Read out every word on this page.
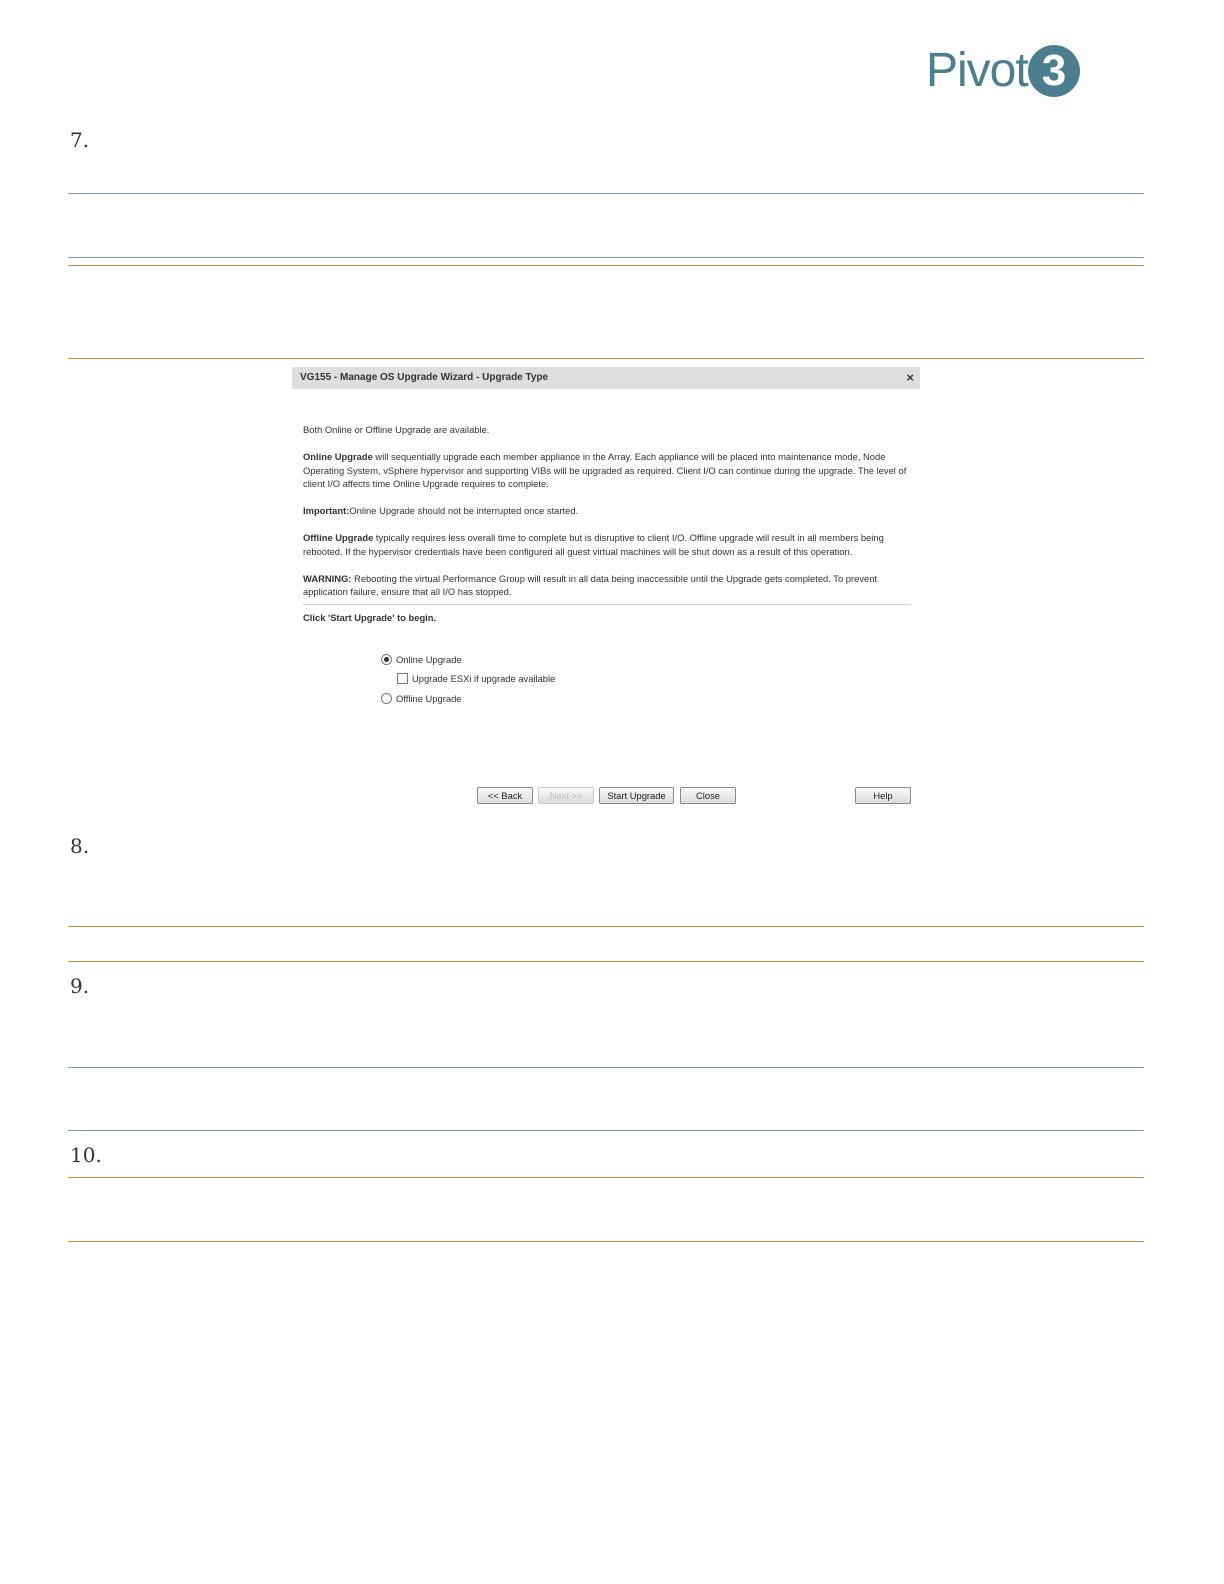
Pivot 3
7.
VG155 - Manage OS Upgrade Wizard - Upgrade Type	×

Both Online or Offline Upgrade are available.

Online Upgrade will sequentially upgrade each member appliance in the Array. Each appliance will be placed into maintenance mode, Node Operating System, vSphere hypervisor and supporting VIBs will be upgraded as required. Client I/O can continue during the upgrade. The level of client I/O affects time Online Upgrade requires to complete.

Important:Online Upgrade should not be interrupted once started.

Offline Upgrade typically requires less overall time to complete but is disruptive to client I/O. Offline upgrade will result in all members being rebooted. If the hypervisor credentials have been configured all guest virtual machines will be shut down as a result of this operation.

WARNING: Rebooting the virtual Performance Group will result in all data being inaccessible until the Upgrade gets completed. To prevent application failure, ensure that all I/O has stopped.

Click 'Start Upgrade' to begin.
Online Upgrade
Upgrade ESXi if upgrade available
Offline Upgrade
<< Back	Next >>	Start Upgrade	Close	Help
8.
9.
10.
